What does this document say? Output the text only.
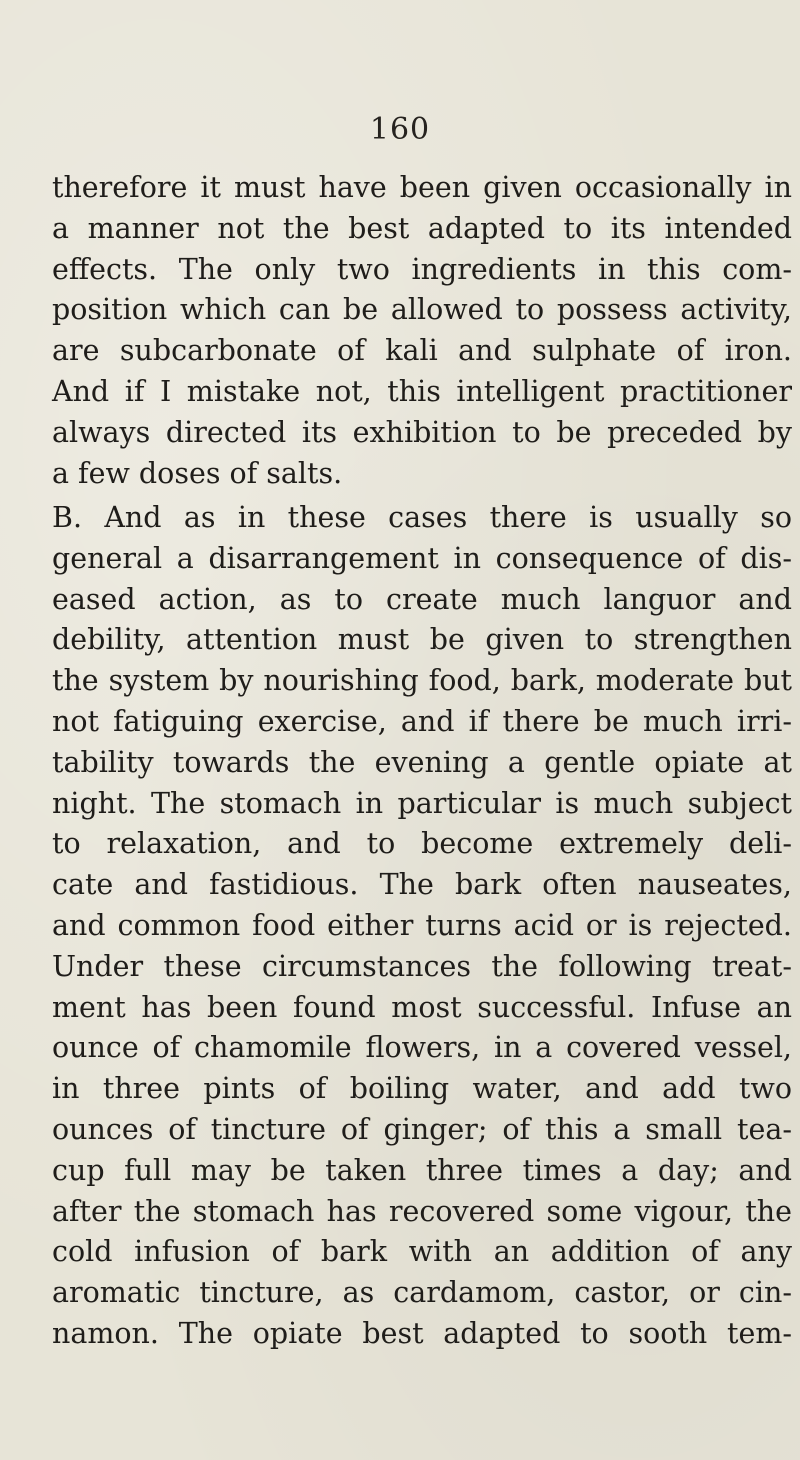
160
therefore it must have been given occasionally in
a manner not the best adapted to its intended
effects. The only two ingredients in this com-
position which can be allowed to possess activity,
are subcarbonate of kali and sulphate of iron.
And if I mistake not, this intelligent practitioner
always directed its exhibition to be preceded by
a few doses of salts.
B. And as in these cases there is usually so
general a disarrangement in consequence of dis-
eased action, as to create much languor and
debility, attention must be given to strengthen
the system by nourishing food, bark, moderate but
not fatiguing exercise, and if there be much irri-
tability towards the evening a gentle opiate at
night. The stomach in particular is much subject
to relaxation, and to become extremely deli-
cate and fastidious. The bark often nauseates,
and common food either turns acid or is rejected.
Under these circumstances the following treat-
ment has been found most successful. Infuse an
ounce of chamomile flowers, in a covered vessel,
in three pints of boiling water, and add two
ounces of tincture of ginger; of this a small tea-
cup full may be taken three times a day; and
after the stomach has recovered some vigour, the
cold infusion of bark with an addition of any
aromatic tincture, as cardamom, castor, or cin-
namon. The opiate best adapted to sooth tem-
